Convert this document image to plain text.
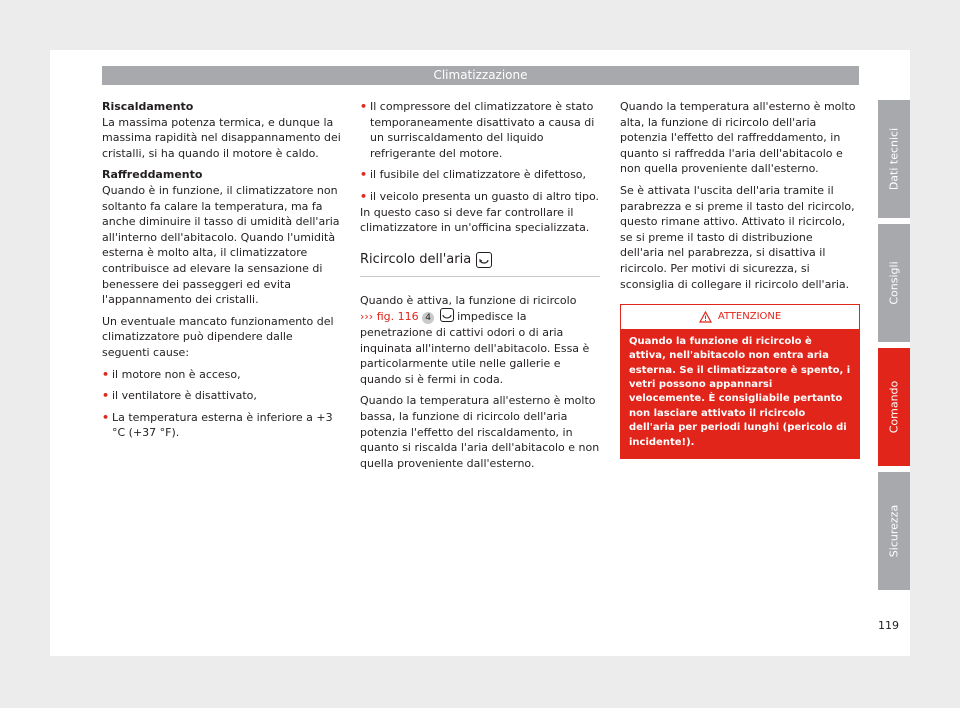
Climatizzazione
Riscaldamento

La massima potenza termica, e dunque la massima rapidità nel disappannamento dei cristalli, si ha quando il motore è caldo.

Raffreddamento

Quando è in funzione, il climatizzatore non soltanto fa calare la temperatura, ma fa anche diminuire il tasso di umidità dell'aria all'interno dell'abitacolo. Quando l'umidità esterna è molto alta, il climatizzatore contribuisce ad elevare la sensazione di benessere dei passeggeri ed evita l'appannamento dei cristalli.

Un eventuale mancato funzionamento del climatizzatore può dipendere dalle seguenti cause:

• il motore non è acceso,

• il ventilatore è disattivato,

• La temperatura esterna è inferiore a +3 °C (+37 °F).

• Il compressore del climatizzatore è stato temporaneamente disattivato a causa di un surriscaldamento del liquido refrigerante del motore.

• il fusibile del climatizzatore è difettoso,

• il veicolo presenta un guasto di altro tipo.

In questo caso si deve far controllare il climatizzatore in un'officina specializzata.

Ricircolo dell'aria

Quando è attiva, la funzione di ricircolo
››› fig. 116 4 impedisce la penetrazione di cattivi odori o di aria inquinata all'interno dell'abitacolo. Essa è particolarmente utile nelle gallerie e quando si è fermi in coda.

Quando la temperatura all'esterno è molto bassa, la funzione di ricircolo dell'aria potenzia l'effetto del riscaldamento, in quanto si riscalda l'aria dell'abitacolo e non quella proveniente dall'esterno.

Quando la temperatura all'esterno è molto alta, la funzione di ricircolo dell'aria potenzia l'effetto del raffreddamento, in quanto si raffredda l'aria dell'abitacolo e non quella proveniente dall'esterno.

Se è attivata l'uscita dell'aria tramite il parabrezza e si preme il tasto del ricircolo, questo rimane attivo. Attivato il ricircolo, se si preme il tasto di distribuzione dell'aria nel parabrezza, si disattiva il ricircolo. Per motivi di sicurezza, si sconsiglia di collegare il ricircolo dell'aria.

ATTENZIONE
Quando la funzione di ricircolo è attiva, nell'abitacolo non entra aria esterna. Se il climatizzatore è spento, i vetri possono appannarsi velocemente. È consigliabile pertanto non lasciare attivato il ricircolo dell'aria per periodi lunghi (pericolo di incidente!).
Dati tecnici
Consigli
Comando
Sicurezza
119
